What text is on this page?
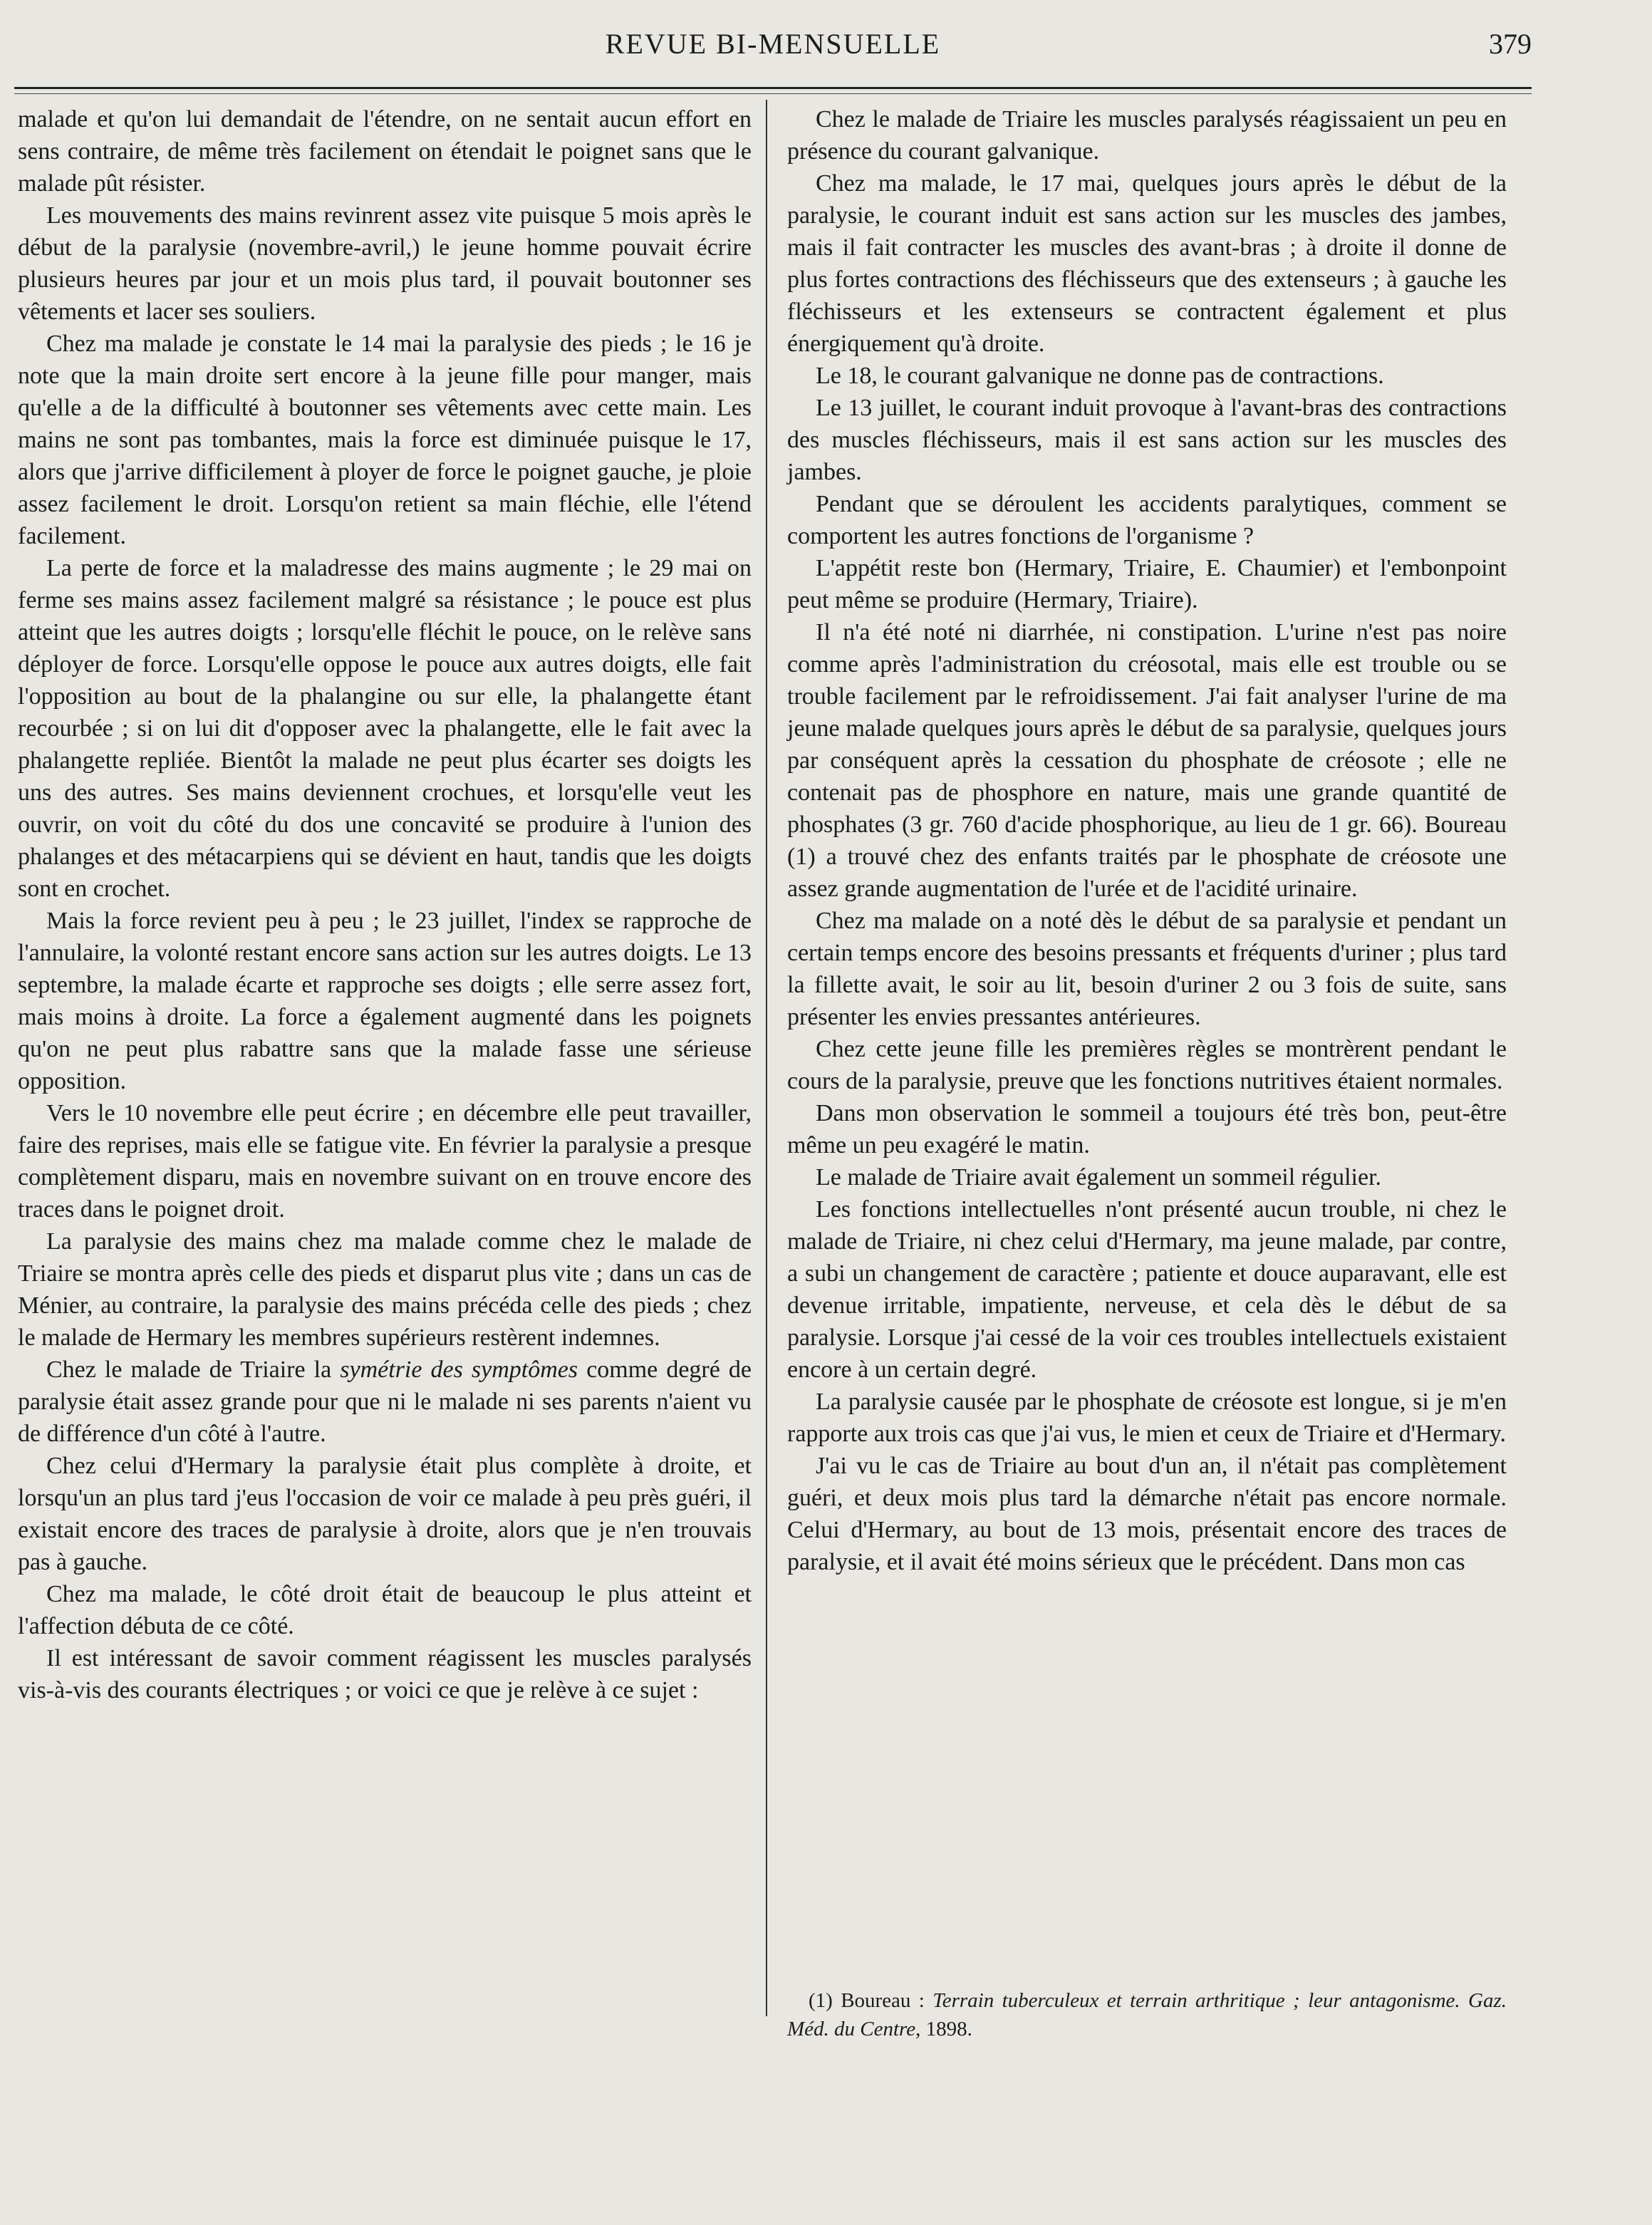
REVUE BI-MENSUELLE	379

malade et qu'on lui demandait de l'étendre, on ne sentait aucun effort en sens contraire, de même très facilement on étendait le poignet sans que le malade pût résister.

Les mouvements des mains revinrent assez vite puisque 5 mois après le début de la paralysie (novembre-avril,) le jeune homme pouvait écrire plusieurs heures par jour et un mois plus tard, il pouvait boutonner ses vêtements et lacer ses souliers.

Chez ma malade je constate le 14 mai la paralysie des pieds ; le 16 je note que la main droite sert encore à la jeune fille pour manger, mais qu'elle a de la difficulté à boutonner ses vêtements avec cette main. Les mains ne sont pas tombantes, mais la force est diminuée puisque le 17, alors que j'arrive difficilement à ployer de force le poignet gauche, je ploie assez facilement le droit. Lorsqu'on retient sa main fléchie, elle l'étend facilement.

La perte de force et la maladresse des mains augmente ; le 29 mai on ferme ses mains assez facilement malgré sa résistance ; le pouce est plus atteint que les autres doigts ; lorsqu'elle fléchit le pouce, on le relève sans déployer de force. Lorsqu'elle oppose le pouce aux autres doigts, elle fait l'opposition au bout de la phalangine ou sur elle, la phalangette étant recourbée ; si on lui dit d'opposer avec la phalangette, elle le fait avec la phalangette repliée. Bientôt la malade ne peut plus écarter ses doigts les uns des autres. Ses mains deviennent crochues, et lorsqu'elle veut les ouvrir, on voit du côté du dos une concavité se produire à l'union des phalanges et des métacarpiens qui se dévient en haut, tandis que les doigts sont en crochet.

Mais la force revient peu à peu ; le 23 juillet, l'index se rapproche de l'annulaire, la volonté restant encore sans action sur les autres doigts. Le 13 septembre, la malade écarte et rapproche ses doigts ; elle serre assez fort, mais moins à droite. La force a également augmenté dans les poignets qu'on ne peut plus rabattre sans que la malade fasse une sérieuse opposition.

Vers le 10 novembre elle peut écrire ; en décembre elle peut travailler, faire des reprises, mais elle se fatigue vite. En février la paralysie a presque complètement disparu, mais en novembre suivant on en trouve encore des traces dans le poignet droit.

La paralysie des mains chez ma malade comme chez le malade de Triaire se montra après celle des pieds et disparut plus vite ; dans un cas de Ménier, au contraire, la paralysie des mains précéda celle des pieds ; chez le malade de Hermary les membres supérieurs restèrent indemnes.

Chez le malade de Triaire la symétrie des symptômes comme degré de paralysie était assez grande pour que ni le malade ni ses parents n'aient vu de différence d'un côté à l'autre.

Chez celui d'Hermary la paralysie était plus complète à droite, et lorsqu'un an plus tard j'eus l'occasion de voir ce malade à peu près guéri, il existait encore des traces de paralysie à droite, alors que je n'en trouvais pas à gauche.

Chez ma malade, le côté droit était de beaucoup le plus atteint et l'affection débuta de ce côté.

Il est intéressant de savoir comment réagissent les muscles paralysés vis-à-vis des courants électriques ; or voici ce que je relève à ce sujet :

Chez le malade de Triaire les muscles paralysés réagissaient un peu en présence du courant galvanique.

Chez ma malade, le 17 mai, quelques jours après le début de la paralysie, le courant induit est sans action sur les muscles des jambes, mais il fait contracter les muscles des avant-bras ; à droite il donne de plus fortes contractions des fléchisseurs que des extenseurs ; à gauche les fléchisseurs et les extenseurs se contractent également et plus énergiquement qu'à droite.

Le 18, le courant galvanique ne donne pas de contractions.

Le 13 juillet, le courant induit provoque à l'avant-bras des contractions des muscles fléchisseurs, mais il est sans action sur les muscles des jambes.

Pendant que se déroulent les accidents paralytiques, comment se comportent les autres fonctions de l'organisme ?

L'appétit reste bon (Hermary, Triaire, E. Chaumier) et l'embonpoint peut même se produire (Hermary, Triaire).

Il n'a été noté ni diarrhée, ni constipation. L'urine n'est pas noire comme après l'administration du créosotal, mais elle est trouble ou se trouble facilement par le refroidissement. J'ai fait analyser l'urine de ma jeune malade quelques jours après le début de sa paralysie, quelques jours par conséquent après la cessation du phosphate de créosote ; elle ne contenait pas de phosphore en nature, mais une grande quantité de phosphates (3 gr. 760 d'acide phosphorique, au lieu de 1 gr. 66). Boureau (1) a trouvé chez des enfants traités par le phosphate de créosote une assez grande augmentation de l'urée et de l'acidité urinaire.

Chez ma malade on a noté dès le début de sa paralysie et pendant un certain temps encore des besoins pressants et fréquents d'uriner ; plus tard la fillette avait, le soir au lit, besoin d'uriner 2 ou 3 fois de suite, sans présenter les envies pressantes antérieures.

Chez cette jeune fille les premières règles se montrèrent pendant le cours de la paralysie, preuve que les fonctions nutritives étaient normales.

Dans mon observation le sommeil a toujours été très bon, peut-être même un peu exagéré le matin.

Le malade de Triaire avait également un sommeil régulier.

Les fonctions intellectuelles n'ont présenté aucun trouble, ni chez le malade de Triaire, ni chez celui d'Hermary, ma jeune malade, par contre, a subi un changement de caractère ; patiente et douce auparavant, elle est devenue irritable, impatiente, nerveuse, et cela dès le début de sa paralysie. Lorsque j'ai cessé de la voir ces troubles intellectuels existaient encore à un certain degré.

La paralysie causée par le phosphate de créosote est longue, si je m'en rapporte aux trois cas que j'ai vus, le mien et ceux de Triaire et d'Hermary.

J'ai vu le cas de Triaire au bout d'un an, il n'était pas complètement guéri, et deux mois plus tard la démarche n'était pas encore normale. Celui d'Hermary, au bout de 13 mois, présentait encore des traces de paralysie, et il avait été moins sérieux que le précédent. Dans mon cas

(1) Boureau : Terrain tuberculeux et terrain arthritique ; leur antagonisme. Gaz. Méd. du Centre, 1898.
